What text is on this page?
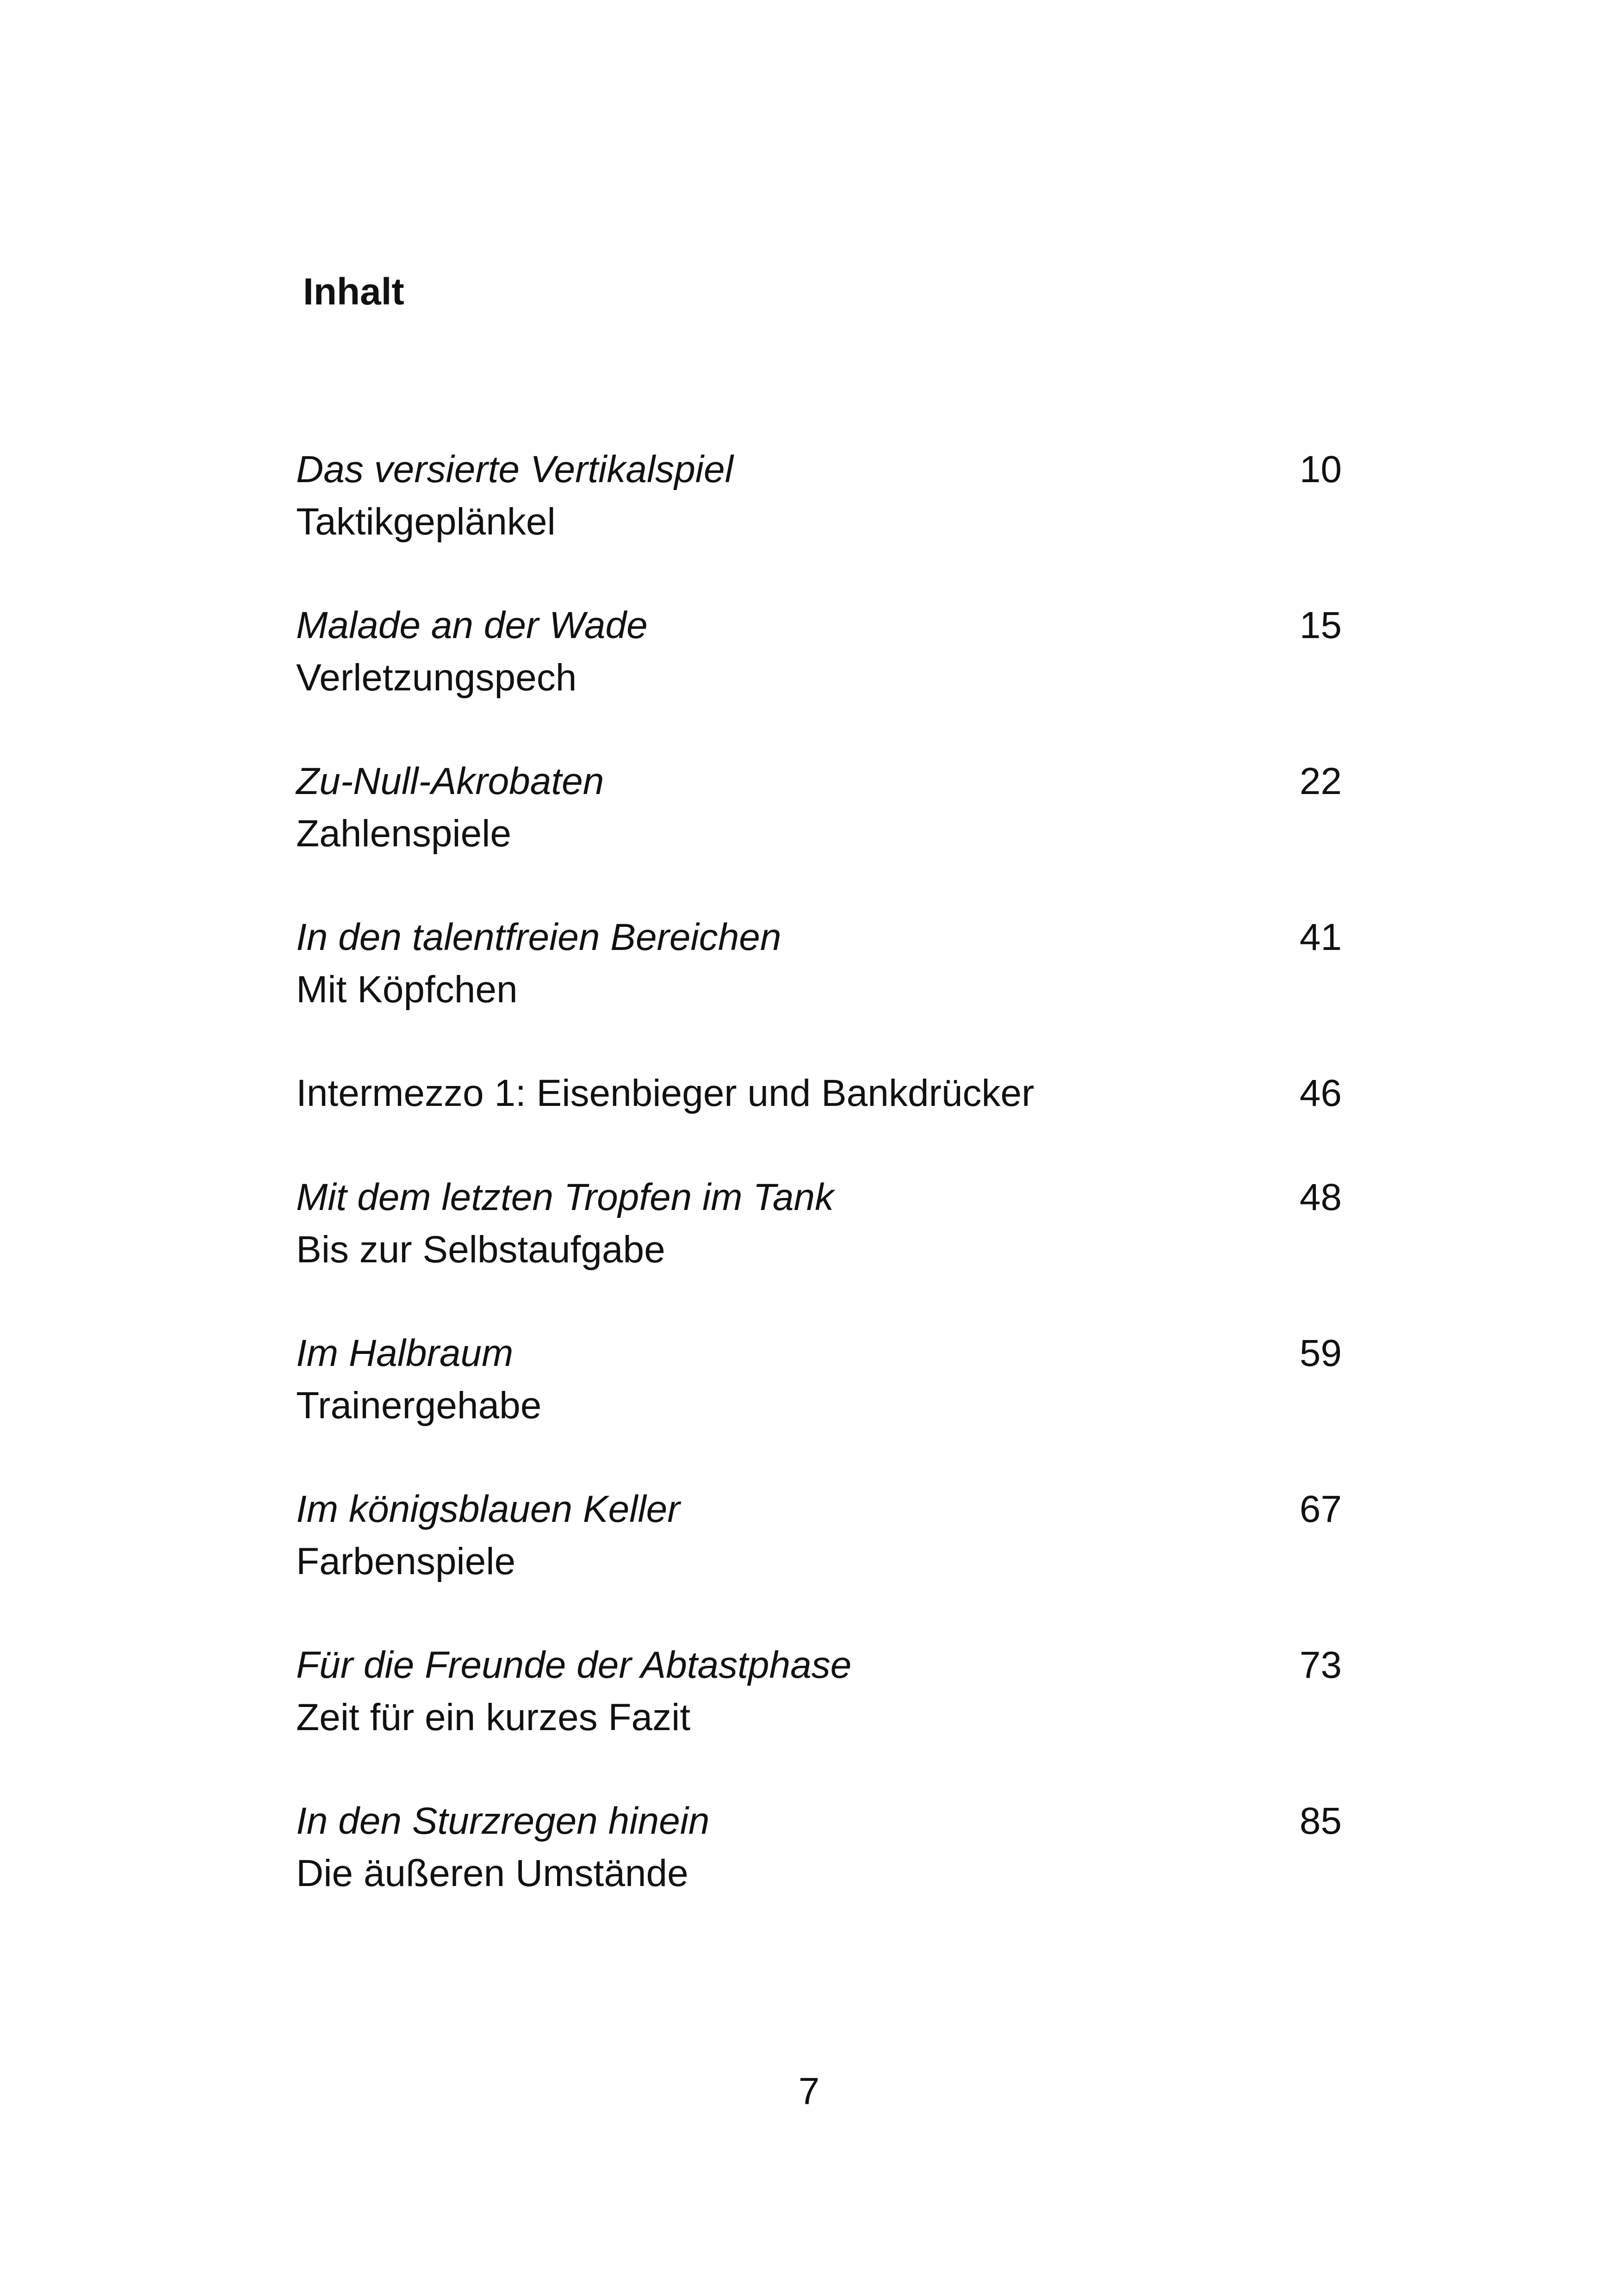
Inhalt
Das versierte Vertikalspiel	10
Taktikgeplänkel
Malade an der Wade	15
Verletzungspech
Zu-Null-Akrobaten	22
Zahlenspiele
In den talentfreien Bereichen	41
Mit Köpfchen
Intermezzo 1: Eisenbieger und Bankdrücker	46
Mit dem letzten Tropfen im Tank	48
Bis zur Selbstaufgabe
Im Halbraum	59
Trainergehabe
Im königsblauen Keller	67
Farbenspiele
Für die Freunde der Abtastphase	73
Zeit für ein kurzes Fazit
In den Sturzregen hinein	85
Die äußeren Umstände
7
